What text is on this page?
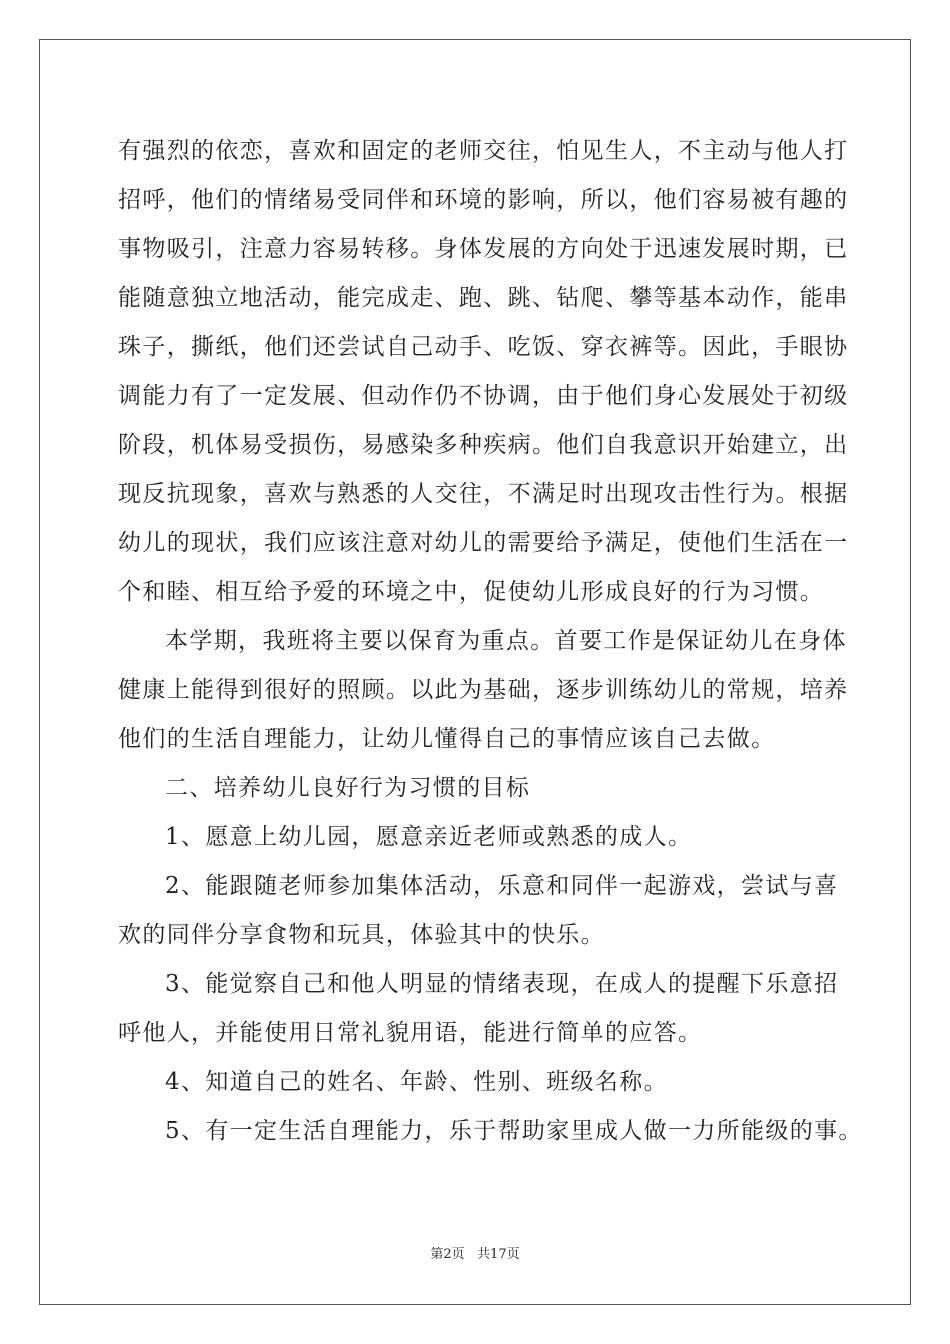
有强烈的依恋，喜欢和固定的老师交往，怕见生人，不主动与他人打
招呼，他们的情绪易受同伴和环境的影响，所以，他们容易被有趣的
事物吸引，注意力容易转移。身体发展的方向处于迅速发展时期，已
能随意独立地活动，能完成走、跑、跳、钻爬、攀等基本动作，能串
珠子，撕纸，他们还尝试自己动手、吃饭、穿衣裤等。因此，手眼协
调能力有了一定发展、但动作仍不协调，由于他们身心发展处于初级
阶段，机体易受损伤，易感染多种疾病。他们自我意识开始建立，出
现反抗现象，喜欢与熟悉的人交往，不满足时出现攻击性行为。根据
幼儿的现状，我们应该注意对幼儿的需要给予满足，使他们生活在一
个和睦、相互给予爱的环境之中，促使幼儿形成良好的行为习惯。
本学期，我班将主要以保育为重点。首要工作是保证幼儿在身体
健康上能得到很好的照顾。以此为基础，逐步训练幼儿的常规，培养
他们的生活自理能力，让幼儿懂得自己的事情应该自己去做。
二、培养幼儿良好行为习惯的目标
1、愿意上幼儿园，愿意亲近老师或熟悉的成人。
2、能跟随老师参加集体活动，乐意和同伴一起游戏，尝试与喜
欢的同伴分享食物和玩具，体验其中的快乐。
3、能觉察自己和他人明显的情绪表现，在成人的提醒下乐意招
呼他人，并能使用日常礼貌用语，能进行简单的应答。
4、知道自己的姓名、年龄、性别、班级名称。
5、有一定生活自理能力，乐于帮助家里成人做一力所能级的事。
第2页   共17页
